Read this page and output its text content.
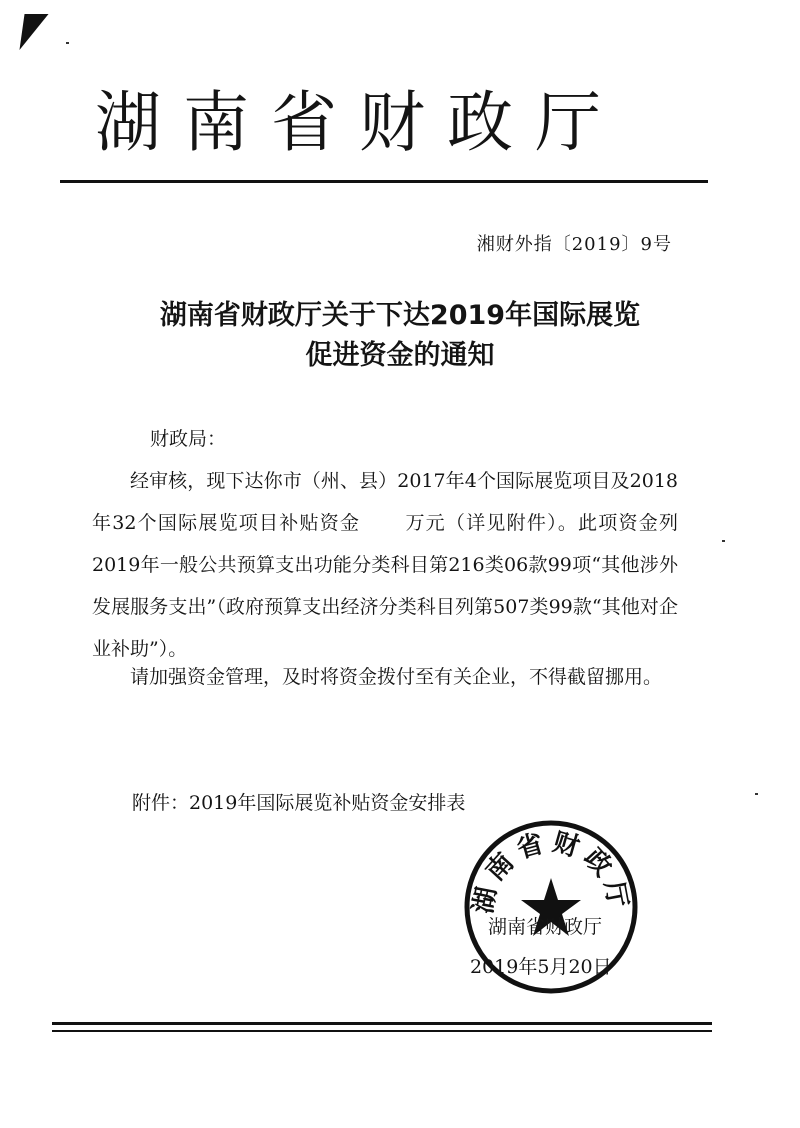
湖南省财政厅
湘财外指〔2019〕9号
湖南省财政厅关于下达2019年国际展览
促进资金的通知
财政局：
经审核，现下达你市（州、县）2017年4个国际展览项目及2018年32个国际展览项目补贴资金 万元（详见附件）。此项资金列2019年一般公共预算支出功能分类科目第216类06款99项“其他涉外发展服务支出”（政府预算支出经济分类科目列第507类99款“其他对企业补助”）。
请加强资金管理，及时将资金拨付至有关企业，不得截留挪用。
附件：2019年国际展览补贴资金安排表
湖南省财政厅
湖南省财政厅
2019年5月20日
